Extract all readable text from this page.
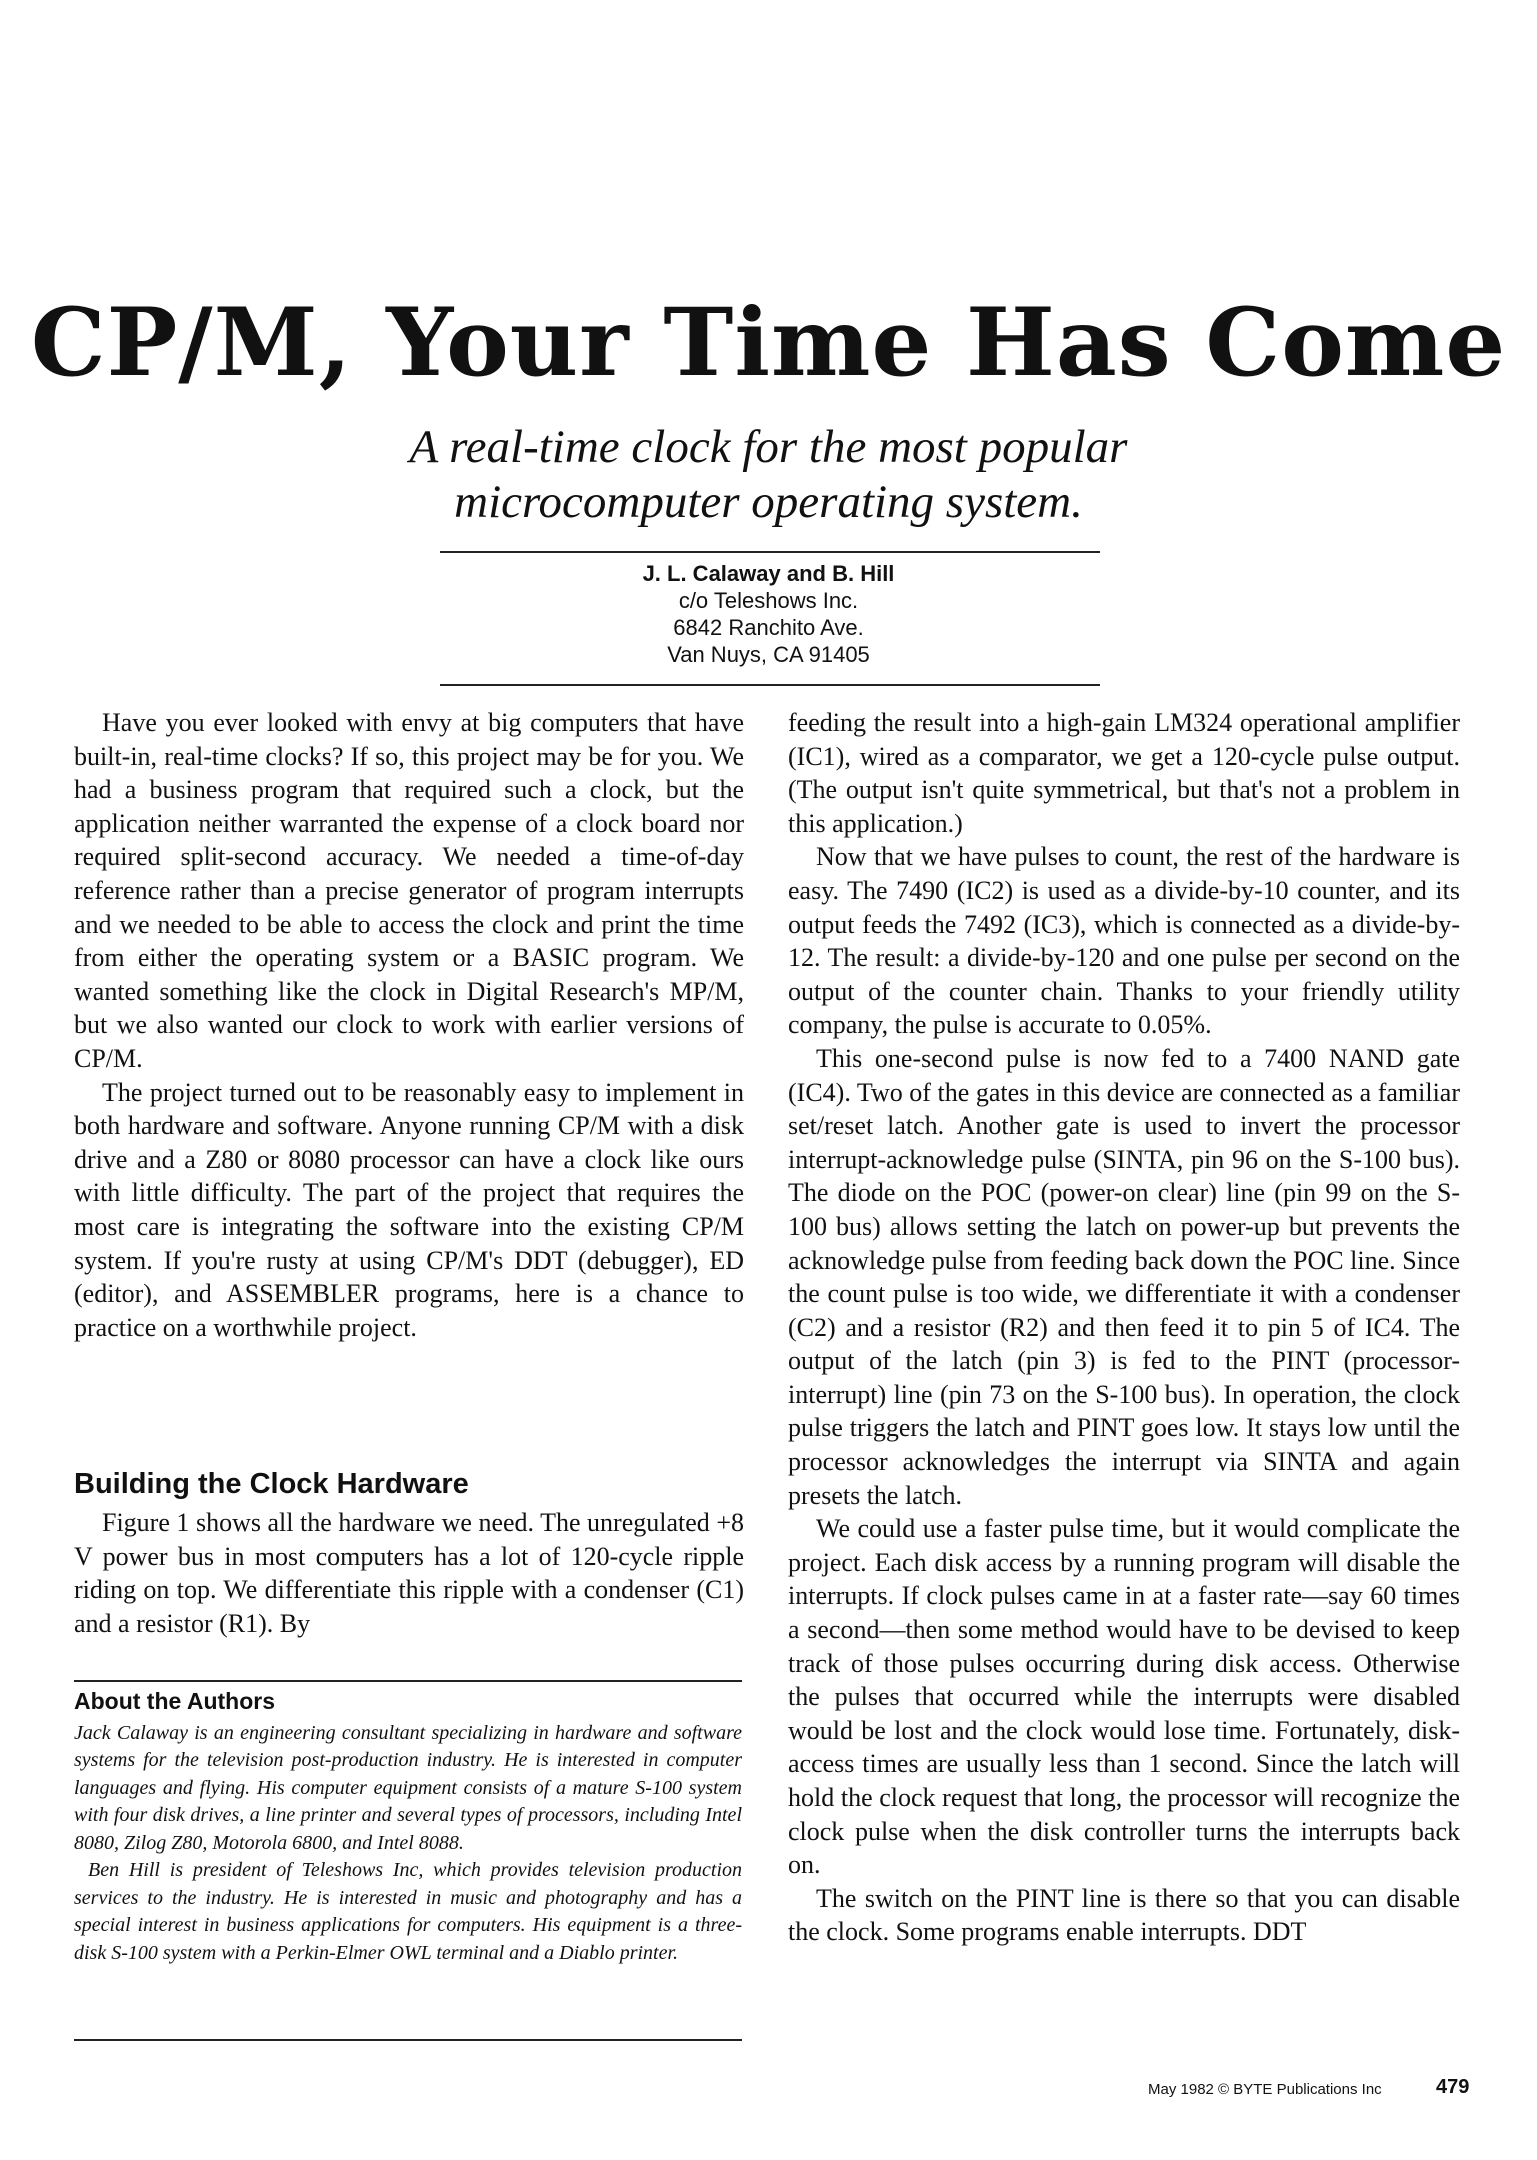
CP/M, Your Time Has Come
A real-time clock for the most popular
microcomputer operating system.
J. L. Calaway and B. Hill
c/o Teleshows Inc.
6842 Ranchito Ave.
Van Nuys, CA 91405

Have you ever looked with envy at big computers that have built-in, real-time clocks? If so, this project may be for you. We had a business program that required such a clock, but the application neither warranted the expense of a clock board nor required split-second accuracy. We needed a time-of-day reference rather than a precise generator of program interrupts and we needed to be able to access the clock and print the time from either the operating system or a BASIC program. We wanted something like the clock in Digital Research's MP/M, but we also wanted our clock to work with earlier versions of CP/M.

The project turned out to be reasonably easy to implement in both hardware and software. Anyone running CP/M with a disk drive and a Z80 or 8080 processor can have a clock like ours with little difficulty. The part of the project that requires the most care is integrating the software into the existing CP/M system. If you're rusty at using CP/M's DDT (debugger), ED (editor), and ASSEMBLER programs, here is a chance to practice on a worthwhile project.

Building the Clock Hardware

Figure 1 shows all the hardware we need. The unregulated +8 V power bus in most computers has a lot of 120-cycle ripple riding on top. We differentiate this ripple with a condenser (C1) and a resistor (R1). By

About the Authors

Jack Calaway is an engineering consultant specializing in hardware and software systems for the television post-production industry. He is interested in computer languages and flying. His computer equipment consists of a mature S-100 system with four disk drives, a line printer and several types of processors, including Intel 8080, Zilog Z80, Motorola 6800, and Intel 8088.

Ben Hill is president of Teleshows Inc, which provides television production services to the industry. He is interested in music and photography and has a special interest in business applications for computers. His equipment is a three-disk S-100 system with a Perkin-Elmer OWL terminal and a Diablo printer.

feeding the result into a high-gain LM324 operational amplifier (IC1), wired as a comparator, we get a 120-cycle pulse output. (The output isn't quite symmetrical, but that's not a problem in this application.)

Now that we have pulses to count, the rest of the hardware is easy. The 7490 (IC2) is used as a divide-by-10 counter, and its output feeds the 7492 (IC3), which is connected as a divide-by-12. The result: a divide-by-120 and one pulse per second on the output of the counter chain. Thanks to your friendly utility company, the pulse is accurate to 0.05%.

This one-second pulse is now fed to a 7400 NAND gate (IC4). Two of the gates in this device are connected as a familiar set/reset latch. Another gate is used to invert the processor interrupt-acknowledge pulse (SINTA, pin 96 on the S-100 bus). The diode on the POC (power-on clear) line (pin 99 on the S-100 bus) allows setting the latch on power-up but prevents the acknowledge pulse from feeding back down the POC line. Since the count pulse is too wide, we differentiate it with a condenser (C2) and a resistor (R2) and then feed it to pin 5 of IC4. The output of the latch (pin 3) is fed to the PINT (processor-interrupt) line (pin 73 on the S-100 bus). In operation, the clock pulse triggers the latch and PINT goes low. It stays low until the processor acknowledges the interrupt via SINTA and again presets the latch.

We could use a faster pulse time, but it would complicate the project. Each disk access by a running program will disable the interrupts. If clock pulses came in at a faster rate—say 60 times a second—then some method would have to be devised to keep track of those pulses occurring during disk access. Otherwise the pulses that occurred while the interrupts were disabled would be lost and the clock would lose time. Fortunately, disk-access times are usually less than 1 second. Since the latch will hold the clock request that long, the processor will recognize the clock pulse when the disk controller turns the interrupts back on.

The switch on the PINT line is there so that you can disable the clock. Some programs enable interrupts. DDT

May 1982 © BYTE Publications Inc	479
